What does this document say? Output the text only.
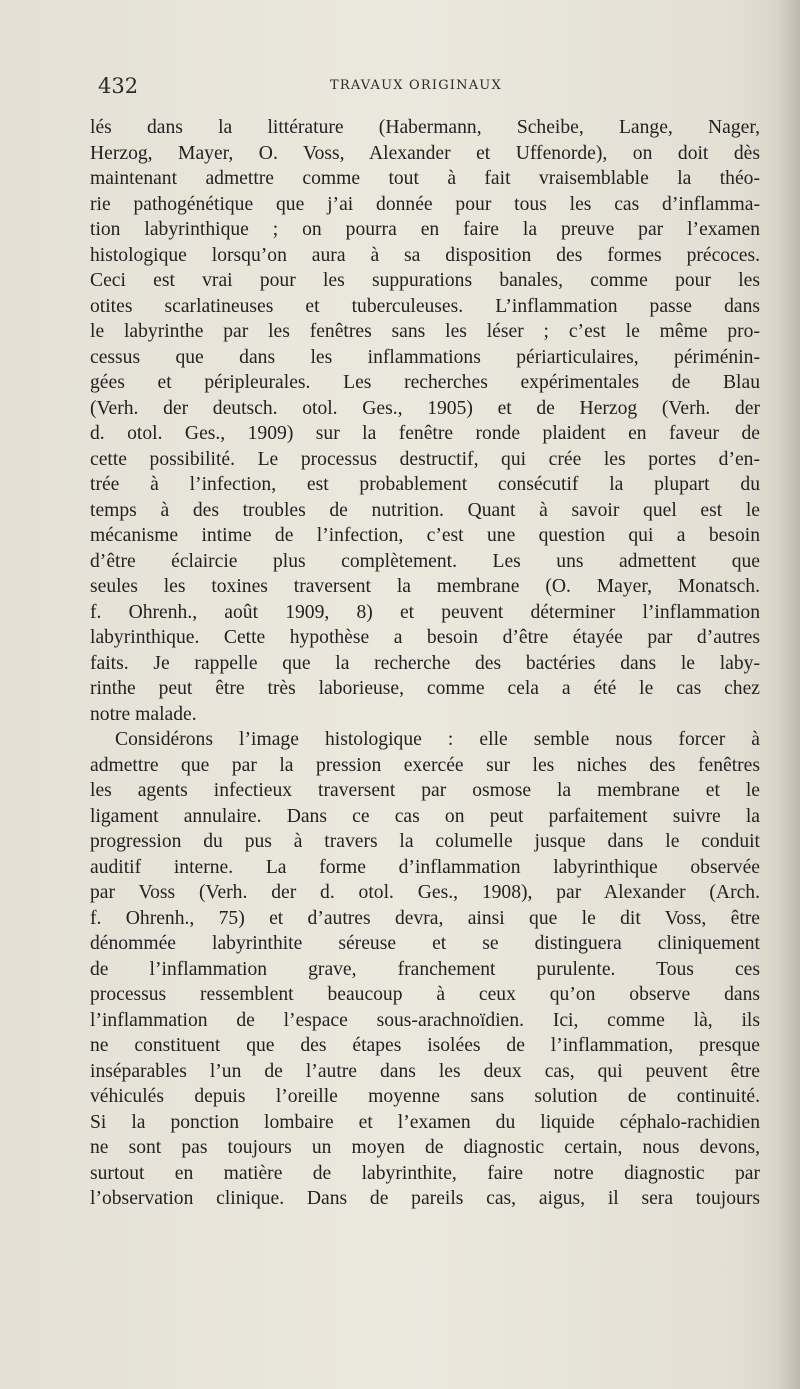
432	TRAVAUX ORIGINAUX
lés dans la littérature (Habermann, Scheibe, Lange, Nager,
Herzog, Mayer, O. Voss, Alexander et Uffenorde), on doit dès
maintenant admettre comme tout à fait vraisemblable la théo-
rie pathogénétique que j’ai donnée pour tous les cas d’inflamma-
tion labyrinthique ; on pourra en faire la preuve par l’examen
histologique lorsqu’on aura à sa disposition des formes précoces.
Ceci est vrai pour les suppurations banales, comme pour les
otites scarlatineuses et tuberculeuses. L’inflammation passe dans
le labyrinthe par les fenêtres sans les léser ; c’est le même pro-
cessus que dans les inflammations périarticulaires, périménin-
gées et péripleurales. Les recherches expérimentales de Blau
(Verh. der deutsch. otol. Ges., 1905) et de Herzog (Verh. der
d. otol. Ges., 1909) sur la fenêtre ronde plaident en faveur de
cette possibilité. Le processus destructif, qui crée les portes d’en-
trée à l’infection, est probablement consécutif la plupart du
temps à des troubles de nutrition. Quant à savoir quel est le
mécanisme intime de l’infection, c’est une question qui a besoin
d’être éclaircie plus complètement. Les uns admettent que
seules les toxines traversent la membrane (O. Mayer, Monatsch.
f. Ohrenh., août 1909, 8) et peuvent déterminer l’inflammation
labyrinthique. Cette hypothèse a besoin d’être étayée par d’autres
faits. Je rappelle que la recherche des bactéries dans le laby-
rinthe peut être très laborieuse, comme cela a été le cas chez
notre malade.
Considérons l’image histologique : elle semble nous forcer à
admettre que par la pression exercée sur les niches des fenêtres
les agents infectieux traversent par osmose la membrane et le
ligament annulaire. Dans ce cas on peut parfaitement suivre la
progression du pus à travers la columelle jusque dans le conduit
auditif interne. La forme d’inflammation labyrinthique observée
par Voss (Verh. der d. otol. Ges., 1908), par Alexander (Arch.
f. Ohrenh., 75) et d’autres devra, ainsi que le dit Voss, être
dénommée labyrinthite séreuse et se distinguera cliniquement
de l’inflammation grave, franchement purulente. Tous ces
processus ressemblent beaucoup à ceux qu’on observe dans
l’inflammation de l’espace sous-arachnoïdien. Ici, comme là, ils
ne constituent que des étapes isolées de l’inflammation, presque
inséparables l’un de l’autre dans les deux cas, qui peuvent être
véhiculés depuis l’oreille moyenne sans solution de continuité.
Si la ponction lombaire et l’examen du liquide céphalo-rachidien
ne sont pas toujours un moyen de diagnostic certain, nous devons,
surtout en matière de labyrinthite, faire notre diagnostic par
l’observation clinique. Dans de pareils cas, aigus, il sera toujours
